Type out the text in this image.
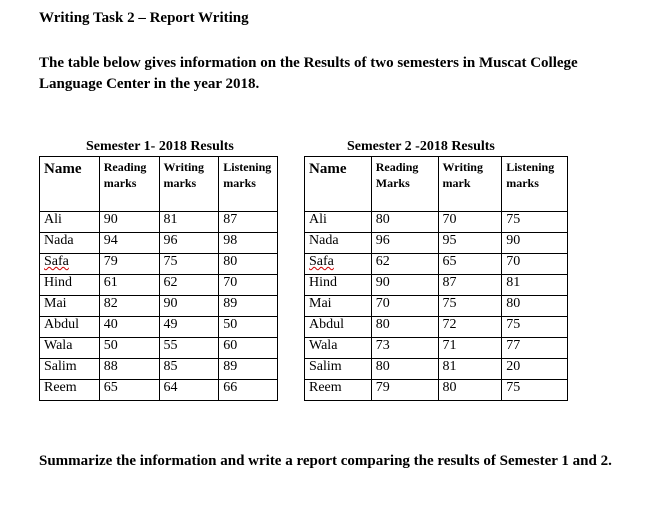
Writing Task 2 – Report Writing
The table below gives information on the Results of two semesters in Muscat College Language Center in the year 2018.
Semester 1- 2018 Results	Semester 2 -2018 Results
Name	Reading marks	Writing marks	Listening marks
Ali	90	81	87
Nada	94	96	98
Safa	79	75	80
Hind	61	62	70
Mai	82	90	89
Abdul	40	49	50
Wala	50	55	60
Salim	88	85	89
Reem	65	64	66
Name	Reading Marks	Writing mark	Listening marks
Ali	80	70	75
Nada	96	95	90
Safa	62	65	70
Hind	90	87	81
Mai	70	75	80
Abdul	80	72	75
Wala	73	71	77
Salim	80	81	20
Reem	79	80	75
Summarize the information and write a report comparing the results of Semester 1 and 2.
